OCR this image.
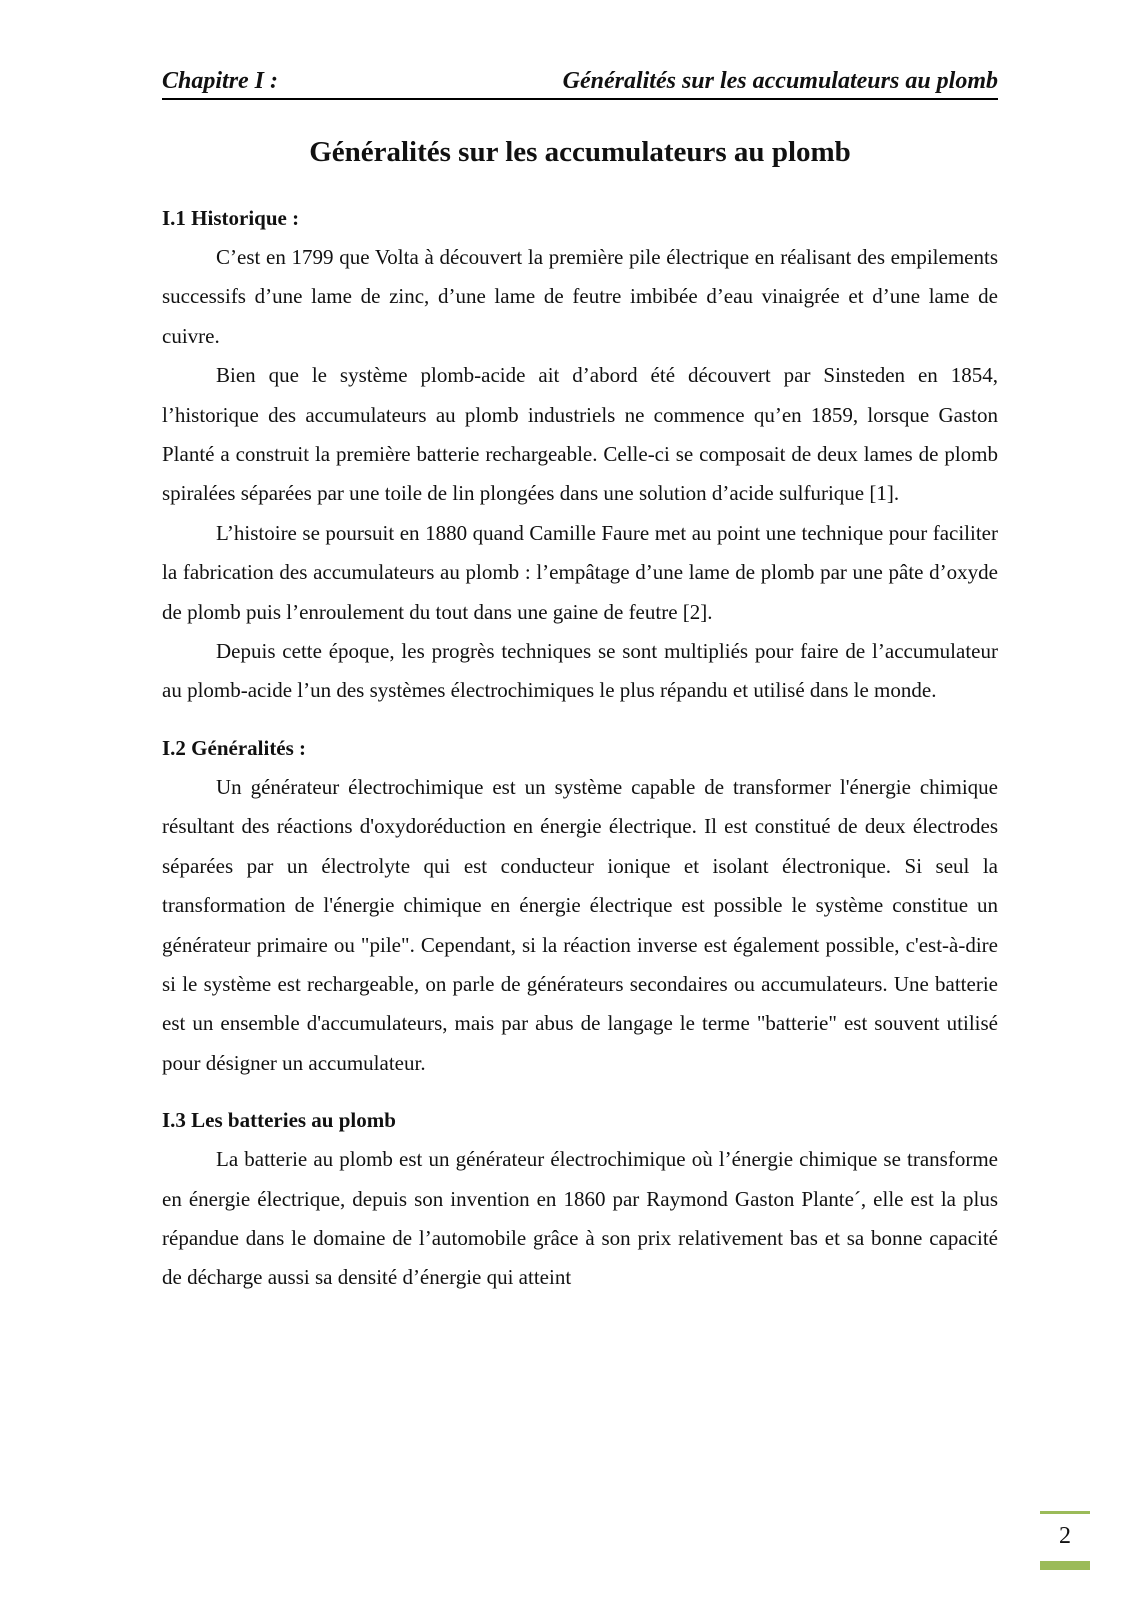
Chapitre I :	Généralités sur les accumulateurs au plomb
Généralités sur les accumulateurs au plomb
I.1 Historique :

C’est en 1799 que Volta à découvert la première pile électrique en réalisant des empilements successifs d’une lame de zinc, d’une lame de feutre imbibée d’eau vinaigrée et d’une lame de cuivre.

Bien que le système plomb-acide ait d’abord été découvert par Sinsteden en 1854, l’historique des accumulateurs au plomb industriels ne commence qu’en 1859, lorsque Gaston Planté a construit la première batterie rechargeable. Celle-ci se composait de deux lames de plomb spiralées séparées par une toile de lin plongées dans une solution d’acide sulfurique [1].

L’histoire se poursuit en 1880 quand Camille Faure met au point une technique pour faciliter la fabrication des accumulateurs au plomb : l’empâtage d’une lame de plomb par une pâte d’oxyde de plomb puis l’enroulement du tout dans une gaine de feutre [2].

Depuis cette époque, les progrès techniques se sont multipliés pour faire de l’accumulateur au plomb-acide l’un des systèmes électrochimiques le plus répandu et utilisé dans le monde.

I.2 Généralités :

Un générateur électrochimique est un système capable de transformer l'énergie chimique résultant des réactions d'oxydoréduction en énergie électrique. Il est constitué de deux électrodes séparées par un électrolyte qui est conducteur ionique et isolant électronique. Si seul la transformation de l'énergie chimique en énergie électrique est possible le système constitue un générateur primaire ou "pile". Cependant, si la réaction inverse est également possible, c'est-à-dire si le système est rechargeable, on parle de générateurs secondaires ou accumulateurs. Une batterie est un ensemble d'accumulateurs, mais par abus de langage le terme "batterie" est souvent utilisé pour désigner un accumulateur.

I.3 Les batteries au plomb

La batterie au plomb est un générateur électrochimique où l’énergie chimique se transforme en énergie électrique, depuis son invention en 1860 par Raymond Gaston Plante´, elle est la plus répandue dans le domaine de l’automobile grâce à son prix relativement bas et sa bonne capacité de décharge aussi sa densité d’énergie qui atteint

2
